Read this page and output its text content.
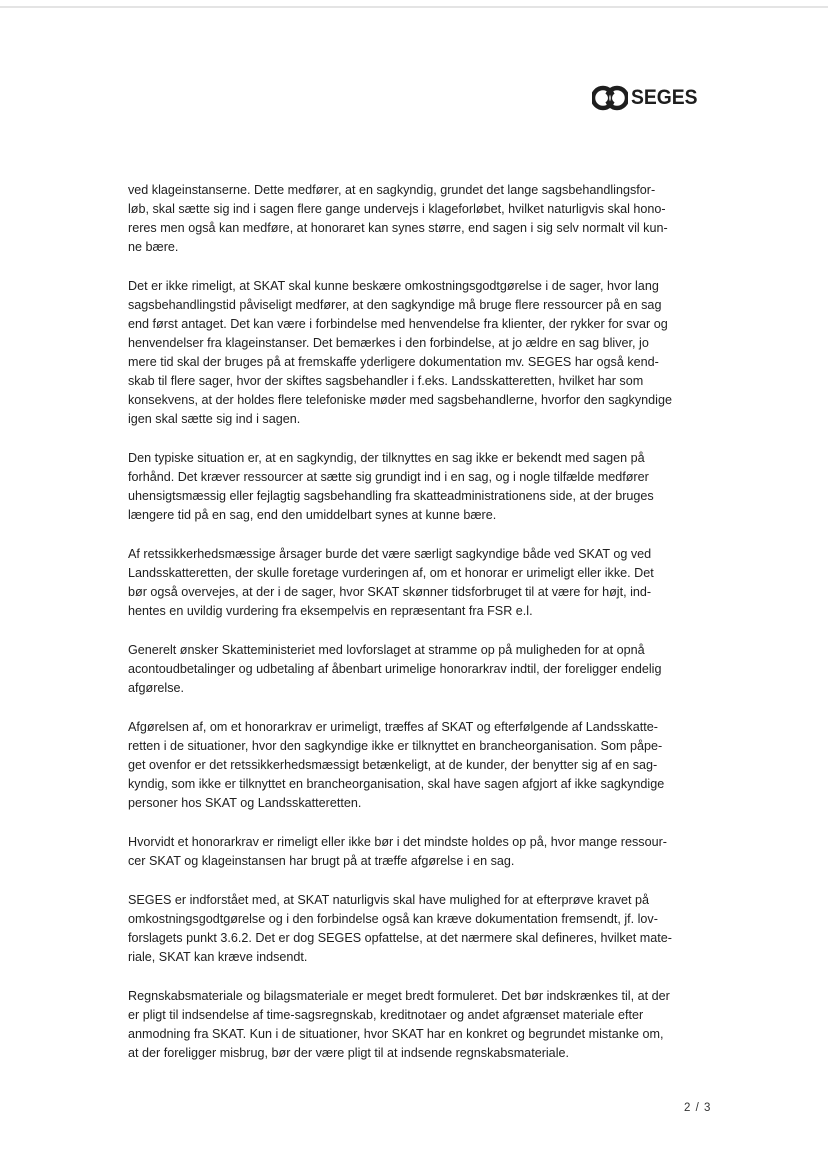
SEGES

ved klageinstanserne. Dette medfører, at en sagkyndig, grundet det lange sagsbehandlingsfor-
løb, skal sætte sig ind i sagen flere gange undervejs i klageforløbet, hvilket naturligvis skal hono-
reres men også kan medføre, at honoraret kan synes større, end sagen i sig selv normalt vil kun-
ne bære.

Det er ikke rimeligt, at SKAT skal kunne beskære omkostningsgodtgørelse i de sager, hvor lang
sagsbehandlingstid påviseligt medfører, at den sagkyndige må bruge flere ressourcer på en sag
end først antaget. Det kan være i forbindelse med henvendelse fra klienter, der rykker for svar og
henvendelser fra klageinstanser. Det bemærkes i den forbindelse, at jo ældre en sag bliver, jo
mere tid skal der bruges på at fremskaffe yderligere dokumentation mv. SEGES har også kend-
skab til flere sager, hvor der skiftes sagsbehandler i f.eks. Landsskatteretten, hvilket har som
konsekvens, at der holdes flere telefoniske møder med sagsbehandlerne, hvorfor den sagkyndige
igen skal sætte sig ind i sagen.

Den typiske situation er, at en sagkyndig, der tilknyttes en sag ikke er bekendt med sagen på
forhånd. Det kræver ressourcer at sætte sig grundigt ind i en sag, og i nogle tilfælde medfører
uhensigtsmæssig eller fejlagtig sagsbehandling fra skatteadministrationens side, at der bruges
længere tid på en sag, end den umiddelbart synes at kunne bære.

Af retssikkerhedsmæssige årsager burde det være særligt sagkyndige både ved SKAT og ved
Landsskatteretten, der skulle foretage vurderingen af, om et honorar er urimeligt eller ikke. Det
bør også overvejes, at der i de sager, hvor SKAT skønner tidsforbruget til at være for højt, ind-
hentes en uvildig vurdering fra eksempelvis en repræsentant fra FSR e.l.

Generelt ønsker Skatteministeriet med lovforslaget at stramme op på muligheden for at opnå
acontoudbetalinger og udbetaling af åbenbart urimelige honorarkrav indtil, der foreligger endelig
afgørelse.

Afgørelsen af, om et honorarkrav er urimeligt, træffes af SKAT og efterfølgende af Landsskatte-
retten i de situationer, hvor den sagkyndige ikke er tilknyttet en brancheorganisation. Som påpe-
get ovenfor er det retssikkerhedsmæssigt betænkeligt, at de kunder, der benytter sig af en sag-
kyndig, som ikke er tilknyttet en brancheorganisation, skal have sagen afgjort af ikke sagkyndige
personer hos SKAT og Landsskatteretten.

Hvorvidt et honorarkrav er rimeligt eller ikke bør i det mindste holdes op på, hvor mange ressour-
cer SKAT og klageinstansen har brugt på at træffe afgørelse i en sag.

SEGES er indforstået med, at SKAT naturligvis skal have mulighed for at efterprøve kravet på
omkostningsgodtgørelse og i den forbindelse også kan kræve dokumentation fremsendt, jf. lov-
forslagets punkt 3.6.2. Det er dog SEGES opfattelse, at det nærmere skal defineres, hvilket mate-
riale, SKAT kan kræve indsendt.

Regnskabsmateriale og bilagsmateriale er meget bredt formuleret. Det bør indskrænkes til, at der
er pligt til indsendelse af time-sagsregnskab, kreditnotaer og andet afgrænset materiale efter
anmodning fra SKAT. Kun i de situationer, hvor SKAT har en konkret og begrundet mistanke om,
at der foreligger misbrug, bør der være pligt til at indsende regnskabsmateriale.

2 / 3
